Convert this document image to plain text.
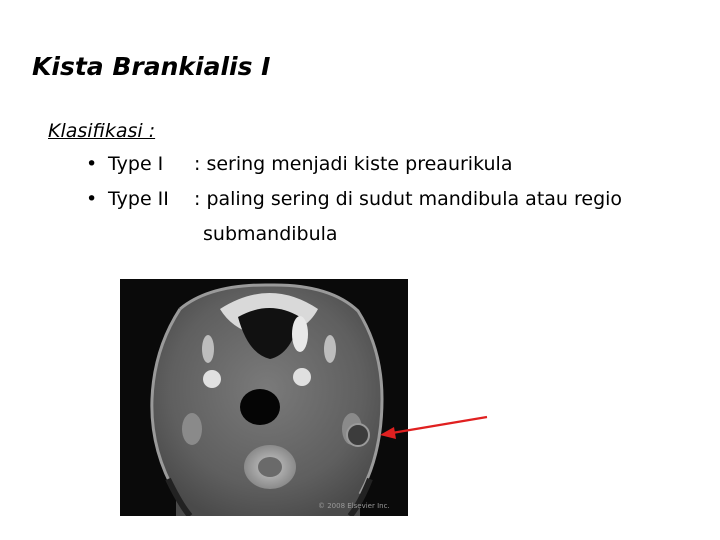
Kista Brankialis I
Klasifikasi :
• Type I : sering menjadi kiste preaurikula
• Type II : paling sering di sudut mandibula atau regio
submandibula
© 2008 Elsevier Inc.
